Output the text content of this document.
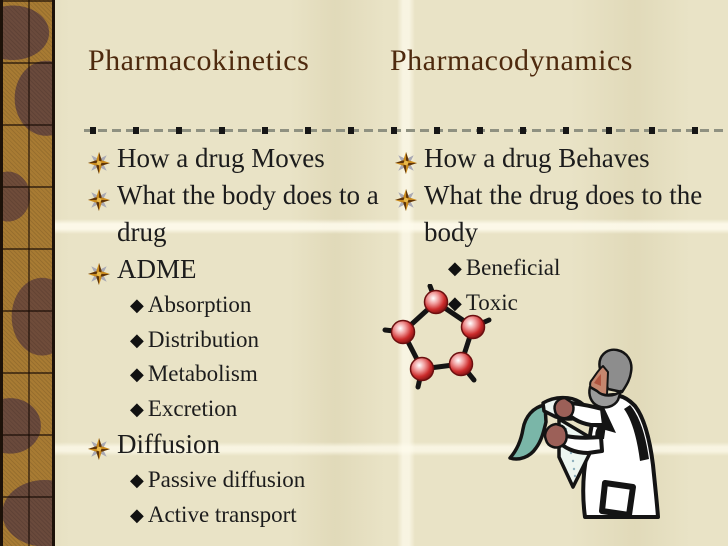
Pharmacokinetics	Pharmacodynamics
How a drug Moves
What the body does to a drug
ADME
◆ Absorption
◆ Distribution
◆ Metabolism
◆ Excretion
Diffusion
◆ Passive diffusion
◆ Active transport
How a drug Behaves
What the drug does to the body
◆ Beneficial
◆ Toxic
